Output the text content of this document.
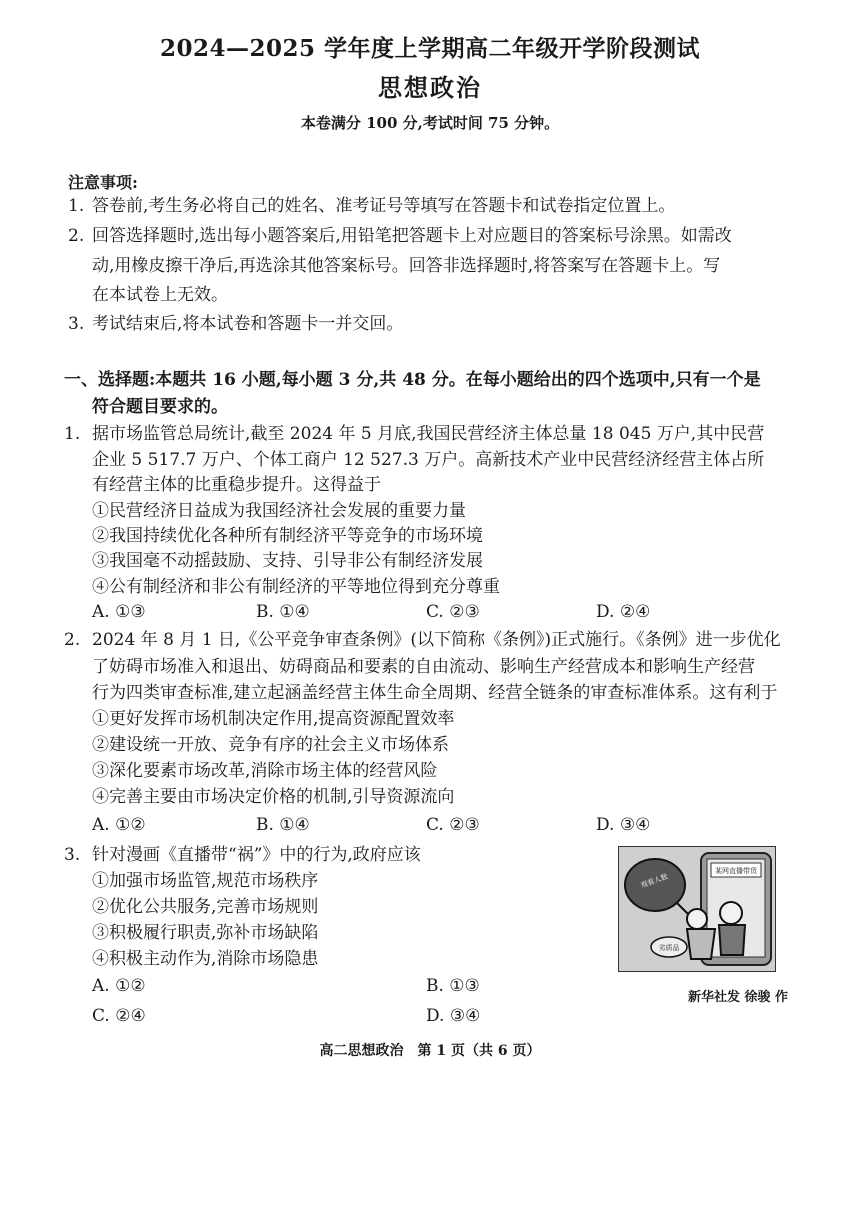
2024—2025 学年度上学期高二年级开学阶段测试
思想政治
本卷满分 100 分,考试时间 75 分钟。
注意事项:
1. 答卷前,考生务必将自己的姓名、准考证号等填写在答题卡和试卷指定位置上。
2. 回答选择题时,选出每小题答案后,用铅笔把答题卡上对应题目的答案标号涂黑。如需改
动,用橡皮擦干净后,再选涂其他答案标号。回答非选择题时,将答案写在答题卡上。写
在本试卷上无效。
3. 考试结束后,将本试卷和答题卡一并交回。
一、选择题:本题共 16 小题,每小题 3 分,共 48 分。在每小题给出的四个选项中,只有一个是
符合题目要求的。
1. 据市场监管总局统计,截至 2024 年 5 月底,我国民营经济主体总量 18 045 万户,其中民营
企业 5 517.7 万户、个体工商户 12 527.3 万户。高新技术产业中民营经济经营主体占所
有经营主体的比重稳步提升。这得益于
①民营经济日益成为我国经济社会发展的重要力量
②我国持续优化各种所有制经济平等竞争的市场环境
③我国毫不动摇鼓励、支持、引导非公有制经济发展
④公有制经济和非公有制经济的平等地位得到充分尊重
A. ①③	B. ①④	C. ②③	D. ②④
2. 2024 年 8 月 1 日,《公平竞争审查条例》(以下简称《条例》)正式施行。《条例》进一步优化
了妨碍市场准入和退出、妨碍商品和要素的自由流动、影响生产经营成本和影响生产经营
行为四类审查标准,建立起涵盖经营主体生命全周期、经营全链条的审查标准体系。这有利于
①更好发挥市场机制决定作用,提高资源配置效率
②建设统一开放、竞争有序的社会主义市场体系
③深化要素市场改革,消除市场主体的经营风险
④完善主要由市场决定价格的机制,引导资源流向
A. ①②	B. ①④	C. ②③	D. ③④
3. 针对漫画《直播带“祸”》中的行为,政府应该
①加强市场监管,规范市场秩序
②优化公共服务,完善市场规则
③积极履行职责,弥补市场缺陷
④积极主动作为,消除市场隐患
A. ①②	B. ①③
C. ②④	D. ③④
某网直播带货
观看人数
劣质品
新华社发 徐骏 作
高二思想政治　第 1 页（共 6 页）
